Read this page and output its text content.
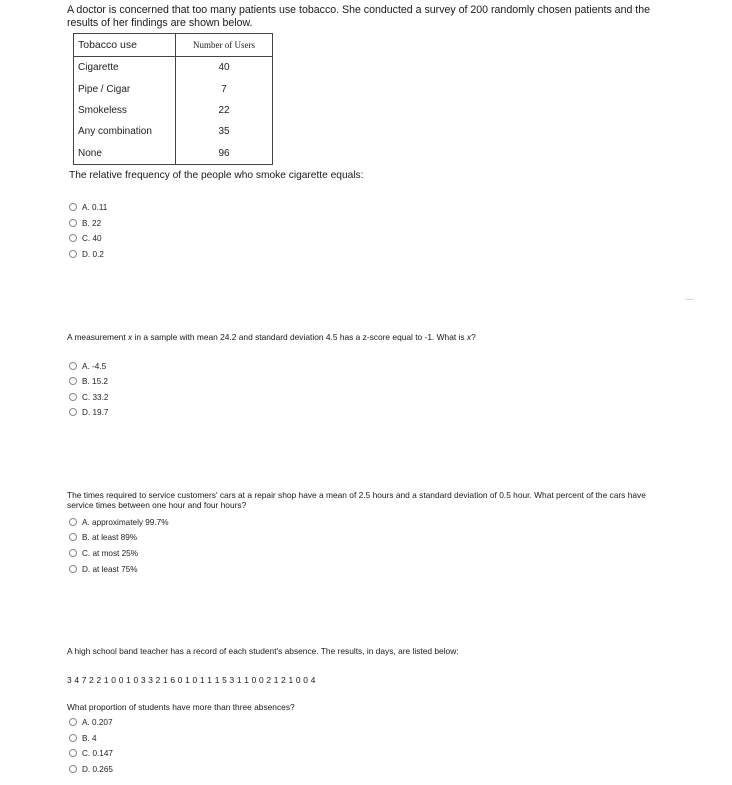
A doctor is concerned that too many patients use tobacco. She conducted a survey of 200 randomly chosen patients and the results of her findings are shown below.
Tobacco use	Number of Users
Cigarette	40
Pipe / Cigar	7
Smokeless	22
Any combination	35
None	96
The relative frequency of the people who smoke cigarette equals:
A. 0.11
B. 22
C. 40
D. 0.2
A measurement x in a sample with mean 24.2 and standard deviation 4.5 has a z-score equal to -1. What is x?
A. -4.5
B. 15.2
C. 33.2
D. 19.7
The times required to service customers' cars at a repair shop have a mean of 2.5 hours and a standard deviation of 0.5 hour. What percent of the cars have service times between one hour and four hours?
A. approximately 99.7%
B. at least 89%
C. at most 25%
D. at least 75%
A high school band teacher has a record of each student's absence. The results, in days, are listed below:
3 4 7 2 2 1 0 0 1 0 3 3 2 1 6 0 1 0 1 1 1 5 3 1 1 0 0 2 1 2 1 0 0 4
What proportion of students have more than three absences?
A. 0.207
B. 4
C. 0.147
D. 0.265
